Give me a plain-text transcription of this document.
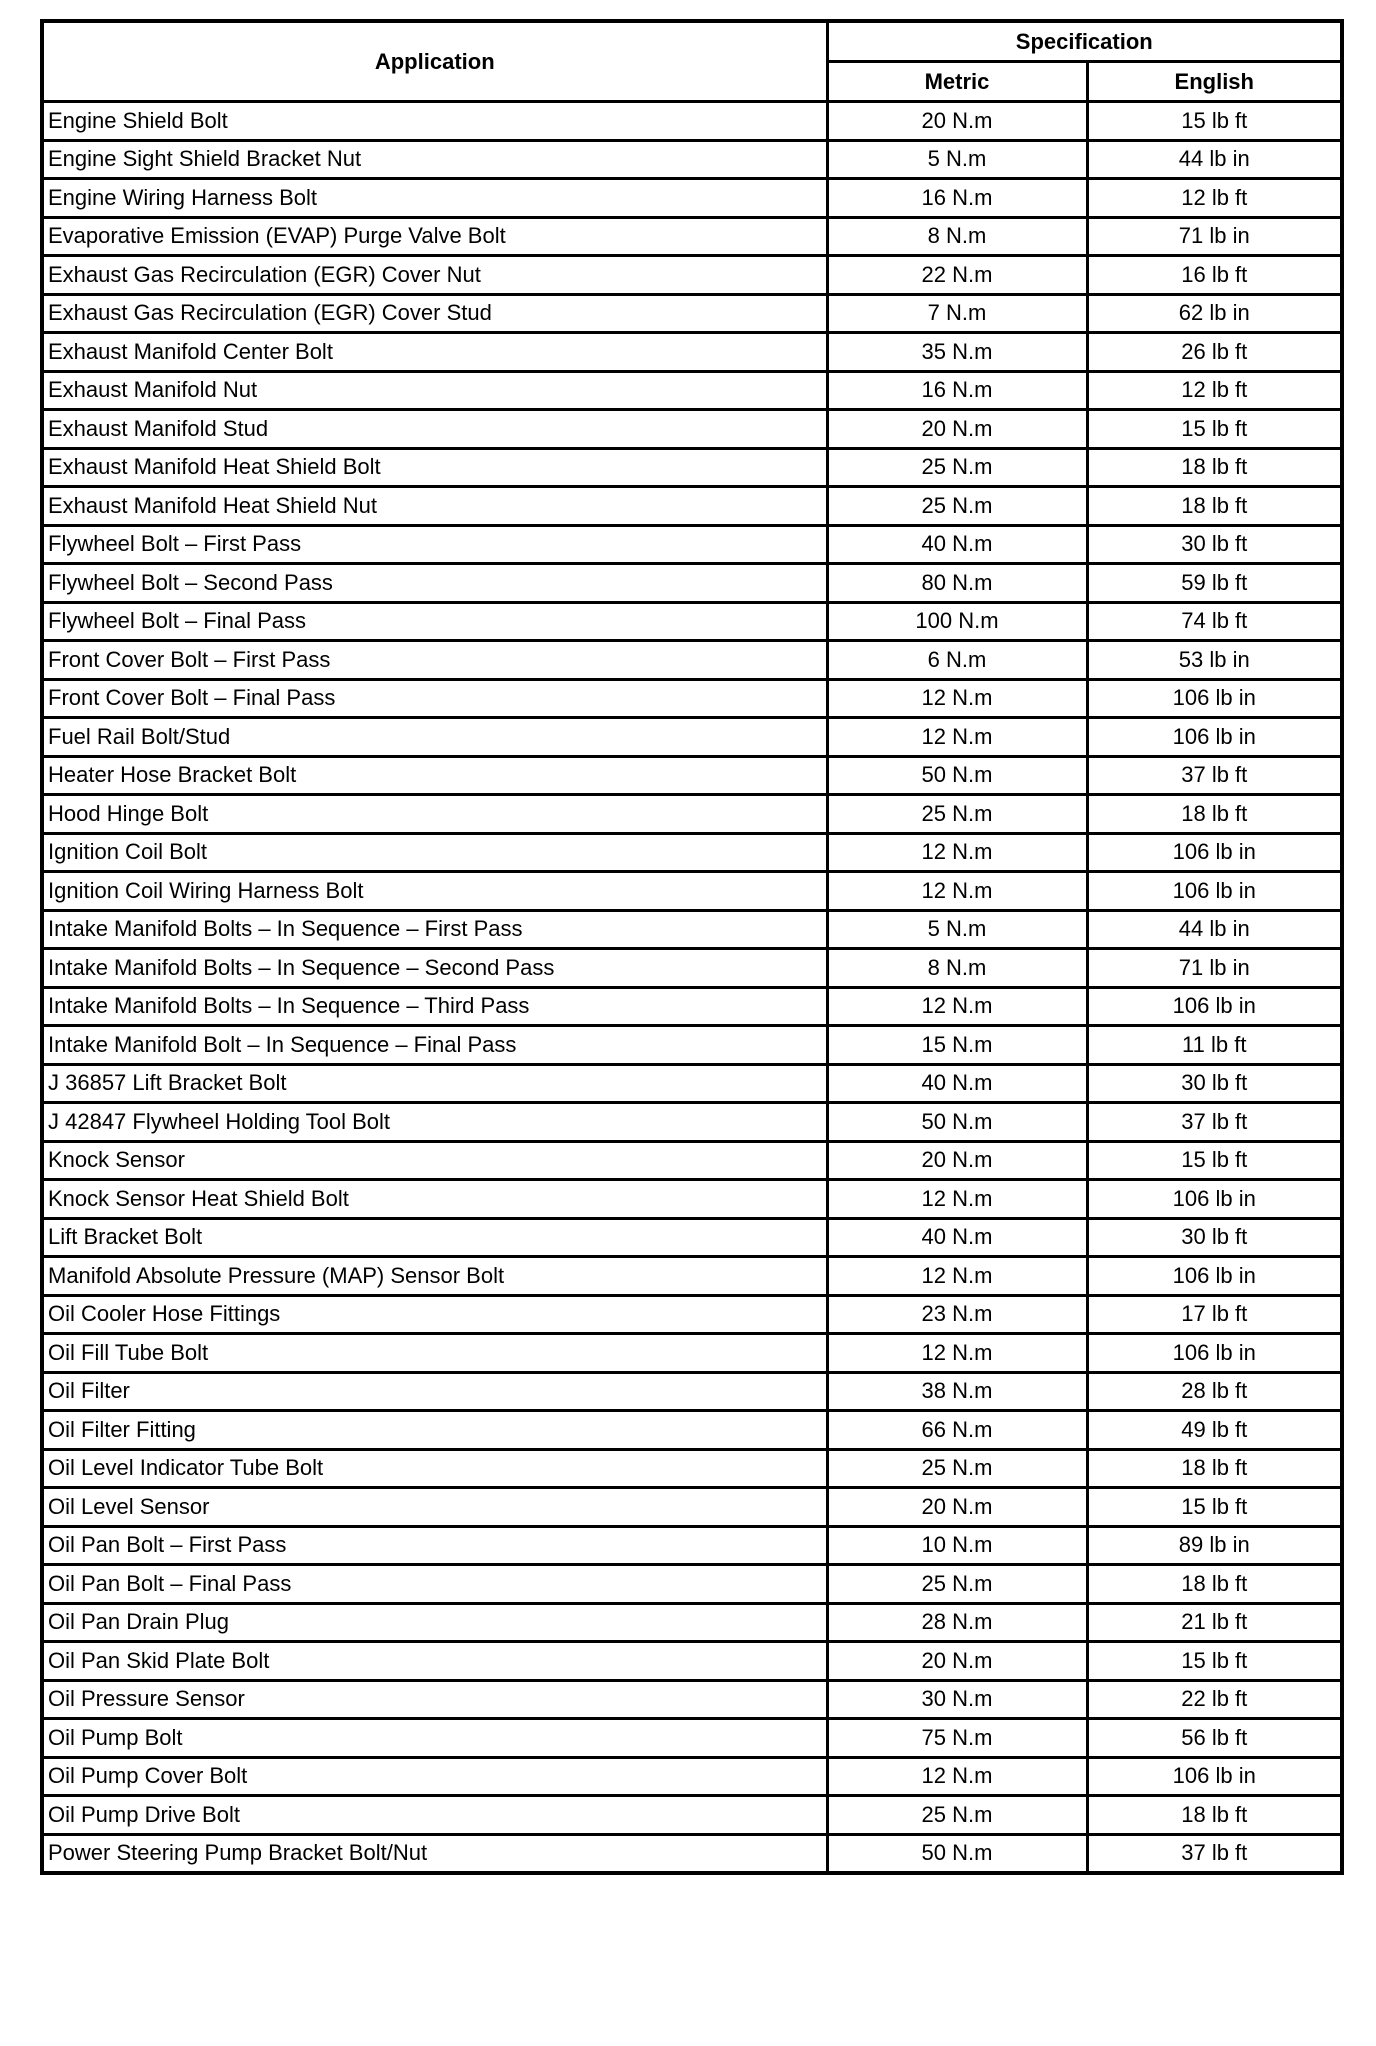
Application	Specification	
	Metric	English
Engine Shield Bolt	20 N.m	15 lb ft
Engine Sight Shield Bracket Nut	5 N.m	44 lb in
Engine Wiring Harness Bolt	16 N.m	12 lb ft
Evaporative Emission (EVAP) Purge Valve Bolt	8 N.m	71 lb in
Exhaust Gas Recirculation (EGR) Cover Nut	22 N.m	16 lb ft
Exhaust Gas Recirculation (EGR) Cover Stud	7 N.m	62 lb in
Exhaust Manifold Center Bolt	35 N.m	26 lb ft
Exhaust Manifold Nut	16 N.m	12 lb ft
Exhaust Manifold Stud	20 N.m	15 lb ft
Exhaust Manifold Heat Shield Bolt	25 N.m	18 lb ft
Exhaust Manifold Heat Shield Nut	25 N.m	18 lb ft
Flywheel Bolt – First Pass	40 N.m	30 lb ft
Flywheel Bolt – Second Pass	80 N.m	59 lb ft
Flywheel Bolt – Final Pass	100 N.m	74 lb ft
Front Cover Bolt – First Pass	6 N.m	53 lb in
Front Cover Bolt – Final Pass	12 N.m	106 lb in
Fuel Rail Bolt/Stud	12 N.m	106 lb in
Heater Hose Bracket Bolt	50 N.m	37 lb ft
Hood Hinge Bolt	25 N.m	18 lb ft
Ignition Coil Bolt	12 N.m	106 lb in
Ignition Coil Wiring Harness Bolt	12 N.m	106 lb in
Intake Manifold Bolts – In Sequence – First Pass	5 N.m	44 lb in
Intake Manifold Bolts – In Sequence – Second Pass	8 N.m	71 lb in
Intake Manifold Bolts – In Sequence – Third Pass	12 N.m	106 lb in
Intake Manifold Bolt – In Sequence – Final Pass	15 N.m	11 lb ft
J 36857 Lift Bracket Bolt	40 N.m	30 lb ft
J 42847 Flywheel Holding Tool Bolt	50 N.m	37 lb ft
Knock Sensor	20 N.m	15 lb ft
Knock Sensor Heat Shield Bolt	12 N.m	106 lb in
Lift Bracket Bolt	40 N.m	30 lb ft
Manifold Absolute Pressure (MAP) Sensor Bolt	12 N.m	106 lb in
Oil Cooler Hose Fittings	23 N.m	17 lb ft
Oil Fill Tube Bolt	12 N.m	106 lb in
Oil Filter	38 N.m	28 lb ft
Oil Filter Fitting	66 N.m	49 lb ft
Oil Level Indicator Tube Bolt	25 N.m	18 lb ft
Oil Level Sensor	20 N.m	15 lb ft
Oil Pan Bolt – First Pass	10 N.m	89 lb in
Oil Pan Bolt – Final Pass	25 N.m	18 lb ft
Oil Pan Drain Plug	28 N.m	21 lb ft
Oil Pan Skid Plate Bolt	20 N.m	15 lb ft
Oil Pressure Sensor	30 N.m	22 lb ft
Oil Pump Bolt	75 N.m	56 lb ft
Oil Pump Cover Bolt	12 N.m	106 lb in
Oil Pump Drive Bolt	25 N.m	18 lb ft
Power Steering Pump Bracket Bolt/Nut	50 N.m	37 lb ft
